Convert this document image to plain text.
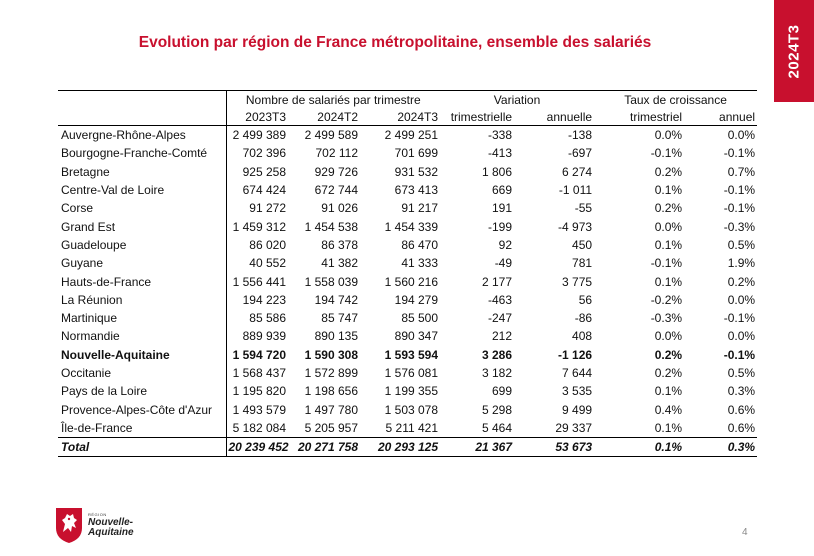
2024T3
Evolution par région de France métropolitaine, ensemble des salariés
	Nombre de salariés par trimestre			Variation		Taux de croissance	
	2023T3	2024T2	2024T3	trimestrielle	annuelle	trimestriel	annuel
Auvergne-Rhône-Alpes	2 499 389	2 499 589	2 499 251	-338	-138	0.0%	0.0%
Bourgogne-Franche-Comté	702 396	702 112	701 699	-413	-697	-0.1%	-0.1%
Bretagne	925 258	929 726	931 532	1 806	6 274	0.2%	0.7%
Centre-Val de Loire	674 424	672 744	673 413	669	-1 011	0.1%	-0.1%
Corse	91 272	91 026	91 217	191	-55	0.2%	-0.1%
Grand Est	1 459 312	1 454 538	1 454 339	-199	-4 973	0.0%	-0.3%
Guadeloupe	86 020	86 378	86 470	92	450	0.1%	0.5%
Guyane	40 552	41 382	41 333	-49	781	-0.1%	1.9%
Hauts-de-France	1 556 441	1 558 039	1 560 216	2 177	3 775	0.1%	0.2%
La Réunion	194 223	194 742	194 279	-463	56	-0.2%	0.0%
Martinique	85 586	85 747	85 500	-247	-86	-0.3%	-0.1%
Normandie	889 939	890 135	890 347	212	408	0.0%	0.0%
Nouvelle-Aquitaine	1 594 720	1 590 308	1 593 594	3 286	-1 126	0.2%	-0.1%
Occitanie	1 568 437	1 572 899	1 576 081	3 182	7 644	0.2%	0.5%
Pays de la Loire	1 195 820	1 198 656	1 199 355	699	3 535	0.1%	0.3%
Provence-Alpes-Côte d'Azur	1 493 579	1 497 780	1 503 078	5 298	9 499	0.4%	0.6%
Île-de-France	5 182 084	5 205 957	5 211 421	5 464	29 337	0.1%	0.6%
Total	20 239 452	20 271 758	20 293 125	21 367	53 673	0.1%	0.3%
RÉGION
Nouvelle-
Aquitaine	4
